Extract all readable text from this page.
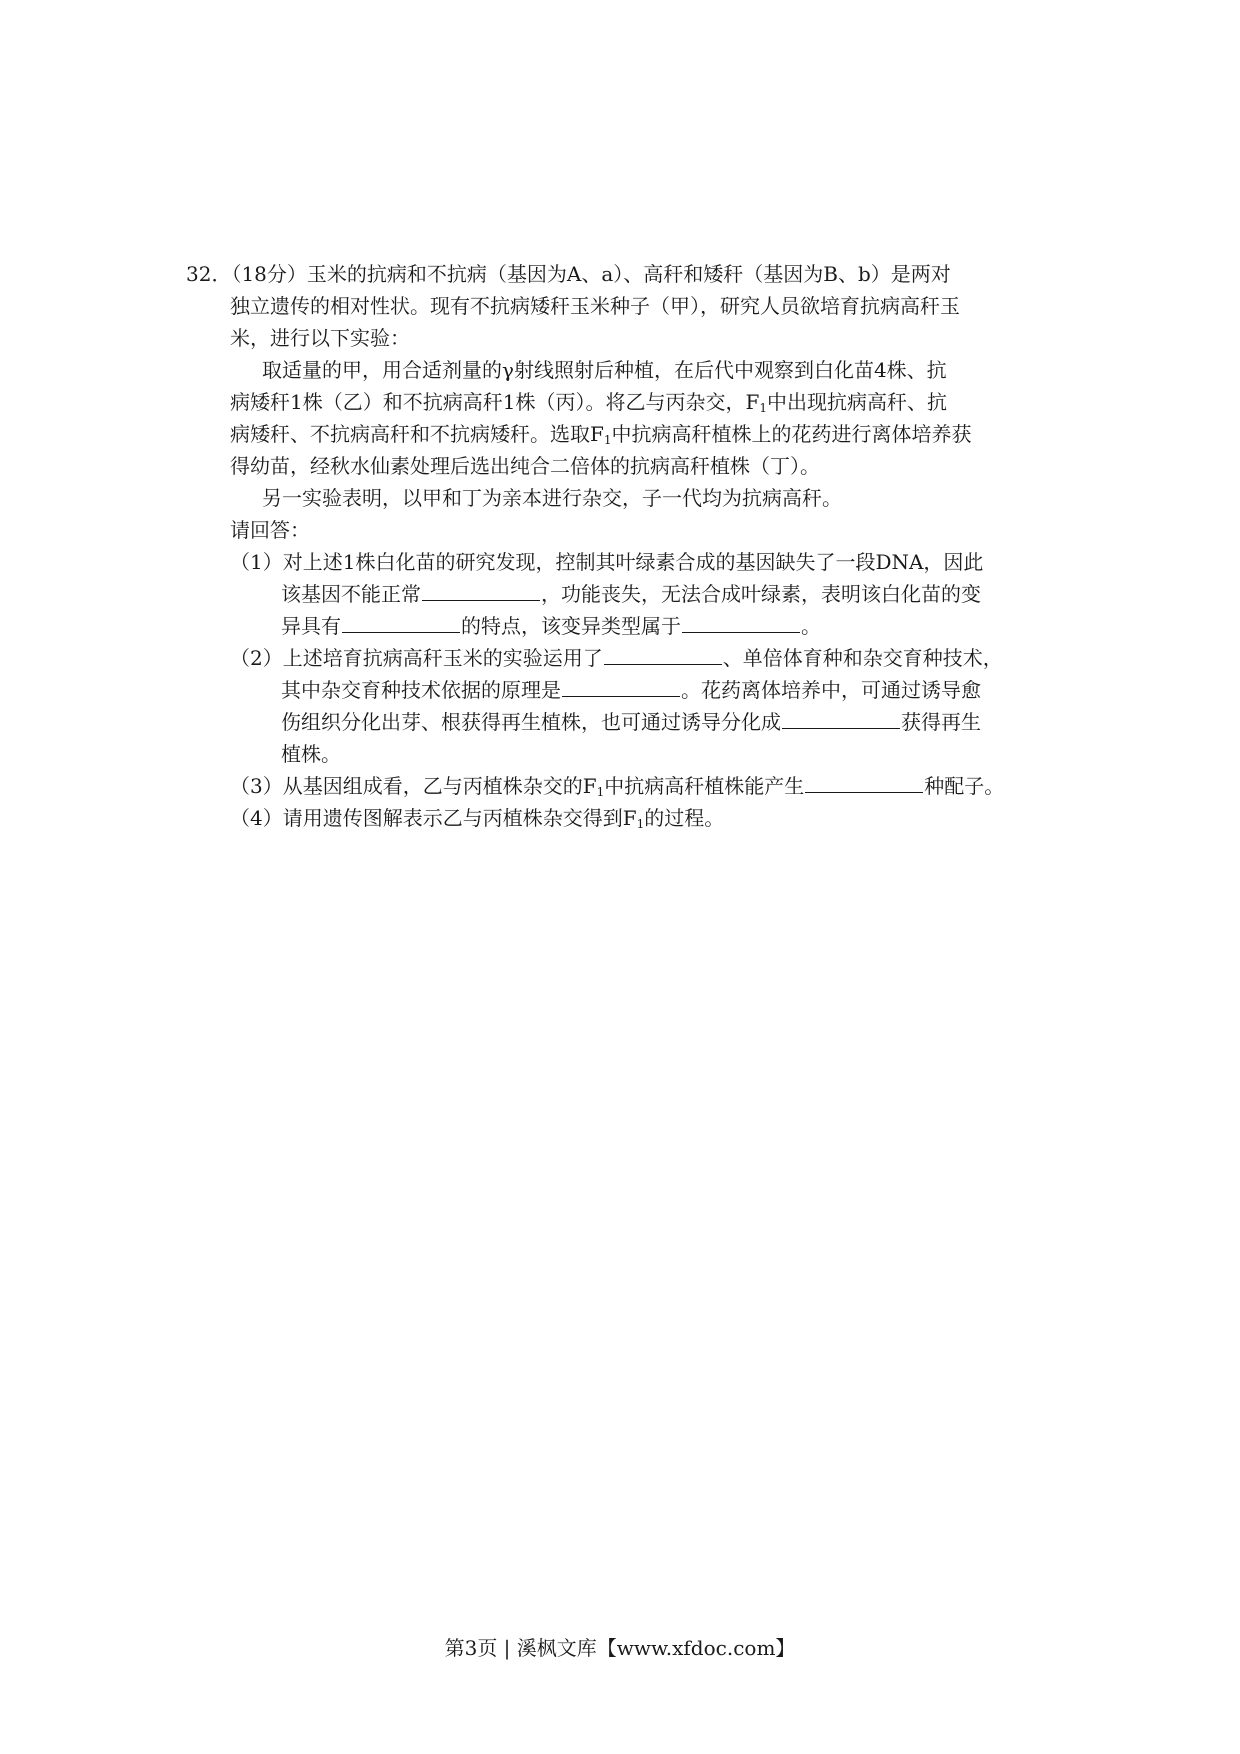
32．（18分）玉米的抗病和不抗病（基因为A、a）、高秆和矮秆（基因为B、b）是两对
独立遗传的相对性状。现有不抗病矮秆玉米种子（甲），研究人员欲培育抗病高秆玉
米，进行以下实验：
取适量的甲，用合适剂量的γ射线照射后种植，在后代中观察到白化苗4株、抗
病矮秆1株（乙）和不抗病高秆1株（丙）。将乙与丙杂交，$F_1$中出现抗病高秆、抗
病矮秆、不抗病高秆和不抗病矮秆。选取$F_1$中抗病高秆植株上的花药进行离体培养获
得幼苗，经秋水仙素处理后选出纯合二倍体的抗病高秆植株（丁）。
另一实验表明，以甲和丁为亲本进行杂交，子一代均为抗病高秆。
请回答：
（1）对上述1株白化苗的研究发现，控制其叶绿素合成的基因缺失了一段DNA，因此
该基因不能正常	，功能丧失，无法合成叶绿素，表明该白化苗的变
异具有	的特点，该变异类型属于	。
（2）上述培育抗病高秆玉米的实验运用了	、单倍体育种和杂交育种技术，
其中杂交育种技术依据的原理是	。花药离体培养中，可通过诱导愈
伤组织分化出芽、根获得再生植株，也可通过诱导分化成	获得再生
植株。
（3）从基因组成看，乙与丙植株杂交的$F_1$中抗病高秆植株能产生	种配子。
（4）请用遗传图解表示乙与丙植株杂交得到$F_1$的过程。
第3页 | 溪枫文库【www.xfdoc.com】
